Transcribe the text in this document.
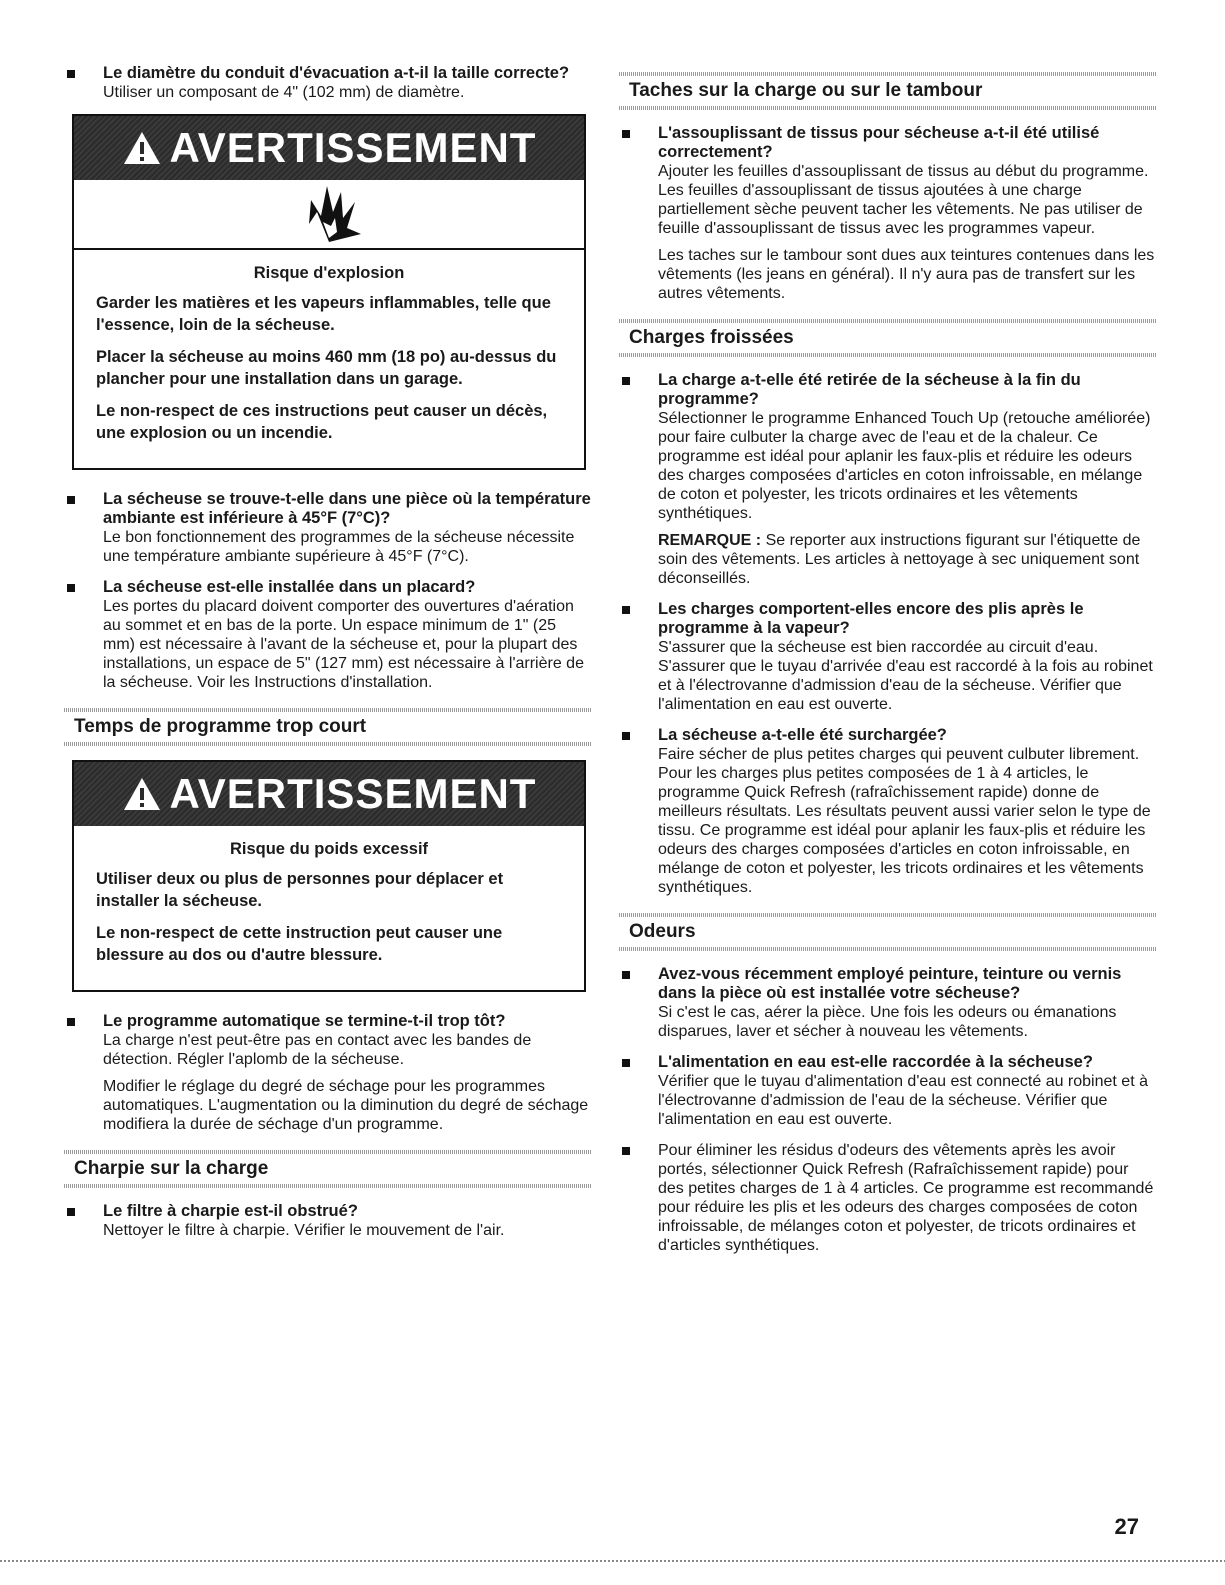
Le diamètre du conduit d'évacuation a-t-il la taille correcte?
Utiliser un composant de 4" (102 mm) de diamètre.
AVERTISSEMENT
Risque d'explosion
Garder les matières et les vapeurs inflammables, telle que l'essence, loin de la sécheuse.
Placer la sécheuse au moins 460 mm (18 po) au-dessus du plancher pour une installation dans un garage.
Le non-respect de ces instructions peut causer un décès, une explosion ou un incendie.
La sécheuse se trouve-t-elle dans une pièce où la température ambiante est inférieure à 45°F (7°C)?
Le bon fonctionnement des programmes de la sécheuse nécessite une température ambiante supérieure à 45°F (7°C).
La sécheuse est-elle installée dans un placard?
Les portes du placard doivent comporter des ouvertures d'aération au sommet et en bas de la porte. Un espace minimum de 1" (25 mm) est nécessaire à l'avant de la sécheuse et, pour la plupart des installations, un espace de 5" (127 mm) est nécessaire à l'arrière de la sécheuse. Voir les Instructions d'installation.
Temps de programme trop court
AVERTISSEMENT
Risque du poids excessif
Utiliser deux ou plus de personnes pour déplacer et installer la sécheuse.
Le non-respect de cette instruction peut causer une blessure au dos ou d'autre blessure.
Le programme automatique se termine-t-il trop tôt?
La charge n'est peut-être pas en contact avec les bandes de détection. Régler l'aplomb de la sécheuse.
Modifier le réglage du degré de séchage pour les programmes automatiques. L'augmentation ou la diminution du degré de séchage modifiera la durée de séchage d'un programme.
Charpie sur la charge
Le filtre à charpie est-il obstrué?
Nettoyer le filtre à charpie. Vérifier le mouvement de l'air.
Taches sur la charge ou sur le tambour
L'assouplissant de tissus pour sécheuse a-t-il été utilisé correctement?
Ajouter les feuilles d'assouplissant de tissus au début du programme. Les feuilles d'assouplissant de tissus ajoutées à une charge partiellement sèche peuvent tacher les vêtements. Ne pas utiliser de feuille d'assouplissant de tissus avec les programmes vapeur.
Les taches sur le tambour sont dues aux teintures contenues dans les vêtements (les jeans en général). Il n'y aura pas de transfert sur les autres vêtements.
Charges froissées
La charge a-t-elle été retirée de la sécheuse à la fin du programme?
Sélectionner le programme Enhanced Touch Up (retouche améliorée) pour faire culbuter la charge avec de l'eau et de la chaleur. Ce programme est idéal pour aplanir les faux-plis et réduire les odeurs des charges composées d'articles en coton infroissable, en mélange de coton et polyester, les tricots ordinaires et les vêtements synthétiques.
REMARQUE : Se reporter aux instructions figurant sur l'étiquette de soin des vêtements. Les articles à nettoyage à sec uniquement sont déconseillés.
Les charges comportent-elles encore des plis après le programme à la vapeur?
S'assurer que la sécheuse est bien raccordée au circuit d'eau. S'assurer que le tuyau d'arrivée d'eau est raccordé à la fois au robinet et à l'électrovanne d'admission d'eau de la sécheuse. Vérifier que l'alimentation en eau est ouverte.
La sécheuse a-t-elle été surchargée?
Faire sécher de plus petites charges qui peuvent culbuter librement. Pour les charges plus petites composées de 1 à 4 articles, le programme Quick Refresh (rafraîchissement rapide) donne de meilleurs résultats. Les résultats peuvent aussi varier selon le type de tissu. Ce programme est idéal pour aplanir les faux-plis et réduire les odeurs des charges composées d'articles en coton infroissable, en mélange de coton et polyester, les tricots ordinaires et les vêtements synthétiques.
Odeurs
Avez-vous récemment employé peinture, teinture ou vernis dans la pièce où est installée votre sécheuse?
Si c'est le cas, aérer la pièce. Une fois les odeurs ou émanations disparues, laver et sécher à nouveau les vêtements.
L'alimentation en eau est-elle raccordée à la sécheuse?
Vérifier que le tuyau d'alimentation d'eau est connecté au robinet et à l'électrovanne d'admission de l'eau de la sécheuse. Vérifier que l'alimentation en eau est ouverte.
Pour éliminer les résidus d'odeurs des vêtements après les avoir portés, sélectionner Quick Refresh (Rafraîchissement rapide) pour des petites charges de 1 à 4 articles. Ce programme est recommandé pour réduire les plis et les odeurs des charges composées de coton infroissable, de mélanges coton et polyester, de tricots ordinaires et d'articles synthétiques.
27
